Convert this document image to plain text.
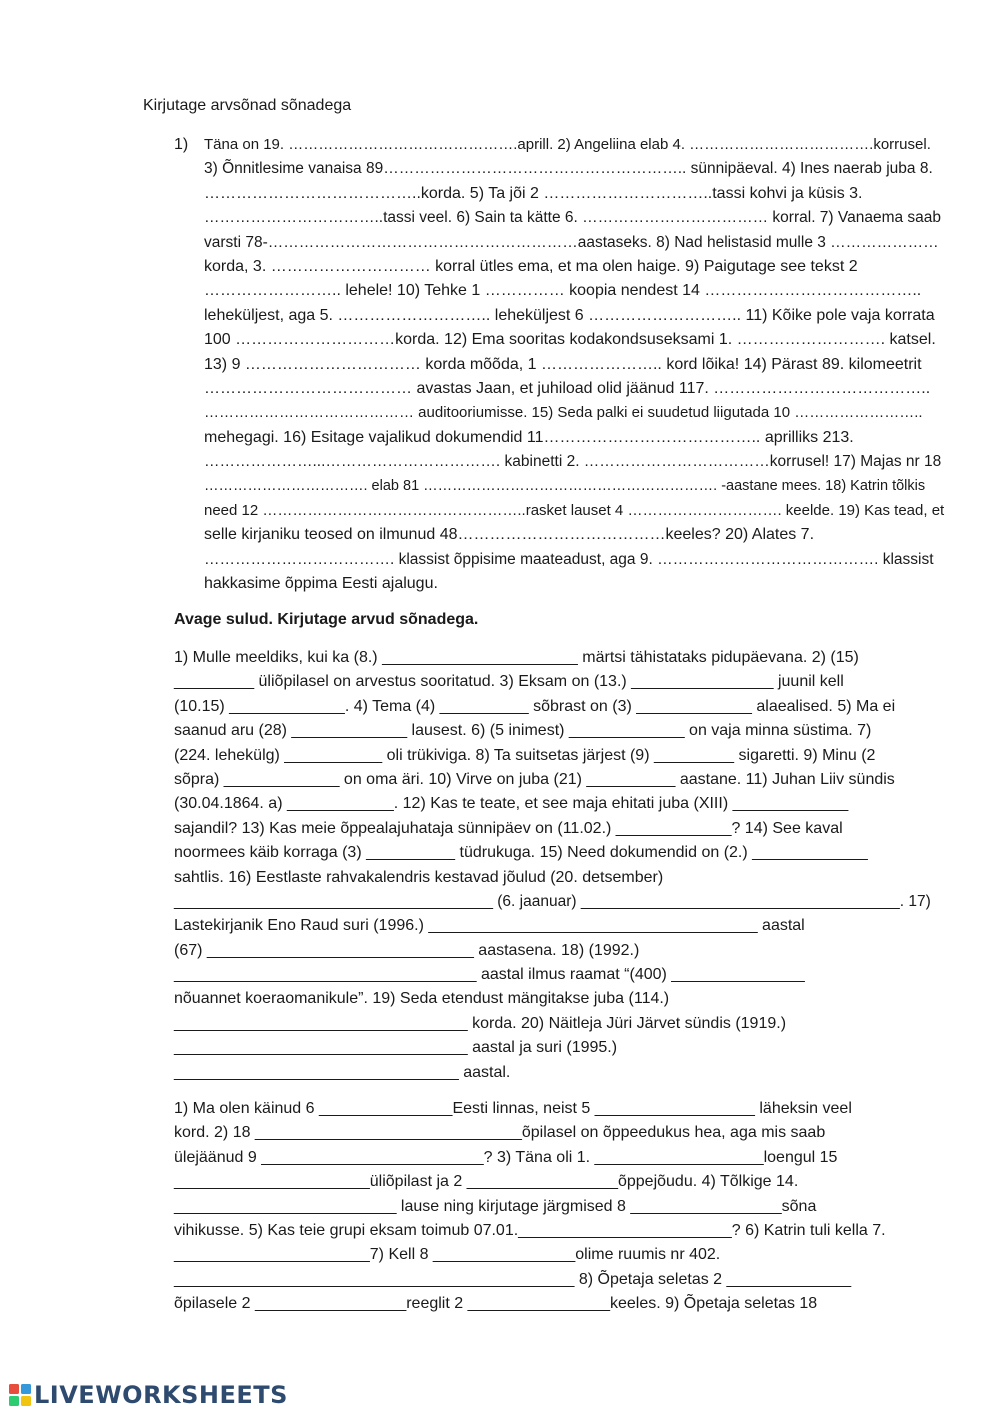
Kirjutage arvsõnad sõnadega
1) Täna on 19. ……………………………………….aprill. 2) Angeliina elab 4. ……………………………….korrusel.
3) Õnnitlesime vanaisa 89………………………………………………….. sünnipäeval. 4) Ines naerab juba 8.
…………………………………..korda. 5) Ta jõi 2 …………………………..tassi kohvi ja küsis 3.
……………………………..tassi veel. 6) Sain ta kätte 6. ……………………………… korral. 7) Vanaema saab
varsti 78-……………………………………………………aastaseks. 8) Nad helistasid mulle 3 …………………
korda, 3. ………………………… korral ütles ema, et ma olen haige. 9) Paigutage see tekst 2
…………………….. lehele! 10) Tehke 1 …………… koopia nendest 14 …………………………………..
leheküljest, aga 5. ……………………….. leheküljest 6 ……………………….. 11) Kõike pole vaja korrata
100 …………………………korda. 12) Ema sooritas kodakondsuseksami 1. ………………………. katsel.
13) 9 …………………………… korda mõõda, 1 ………………….. kord lõika! 14) Pärast 89. kilomeetrit
………………………………… avastas Jaan, et juhiload olid jäänud 117. …………………………………..
…………………………………… auditooriumisse. 15) Seda palki ei suudetud liigutada 10 ……………………..
mehegagi. 16) Esitage vajalikud dokumendid 11………………………………….. aprilliks 213.
…………………...……………………………. kabinetti 2. ………………………………korrusel! 17) Majas nr 18
……………………………. elab 81 ……………………………………………………. -aastane mees. 18) Katrin tõlkis
need 12 ……………………………………………..rasket lauset 4 …………………………. keelde. 19) Kas tead, et
selle kirjaniku teosed on ilmunud 48…………………………………keeles? 20) Alates 7.
………………………………. klassist õppisime maateadust, aga 9. ……………………………………. klassist
hakkasime õppima Eesti ajalugu.
Avage sulud. Kirjutage arvud sõnadega.
1) Mulle meeldiks, kui ka (8.) ______________________ märtsi tähistataks pidupäevana. 2) (15)
_________ üliõpilasel on arvestus sooritatud. 3) Eksam on (13.) ________________ juunil kell
(10.15) _____________. 4) Tema (4) __________ sõbrast on (3) _____________ alaealised. 5) Ma ei
saanud aru (28) _____________ lausest. 6) (5 inimest) _____________ on vaja minna süstima. 7)
(224. lehekülg) ___________ oli trükiviga. 8) Ta suitsetas järjest (9) _________ sigaretti. 9) Minu (2
sõpra) _____________ on oma äri. 10) Virve on juba (21) __________ aastane. 11) Juhan Liiv sündis
(30.04.1864. a) ____________. 12) Kas te teate, et see maja ehitati juba (XIII) _____________
sajandil? 13) Kas meie õppealajuhataja sünnipäev on (11.02.) _____________? 14) See kaval
noormees käib korraga (3) __________ tüdrukuga. 15) Need dokumendid on (2.) _____________
sahtlis. 16) Eestlaste rahvakalendris kestavad jõulud (20. detsember)
_____________________________________ (6. jaanuar) _____________________________________. 17)
Lastekirjanik Eno Raud suri (1996.) _____________________________________ aastal
(67) ______________________________ aastasena. 18) (1992.)
__________________________________ aastal ilmus raamat “(400) _______________
nõuannet koeraomanikule”. 19) Seda etendust mängitakse juba (114.)
_________________________________ korda. 20) Näitleja Jüri Järvet sündis (1919.)
_________________________________ aastal ja suri (1995.)
________________________________ aastal.
1) Ma olen käinud 6 _______________Eesti linnas, neist 5 __________________ läheksin veel
kord. 2) 18 ______________________________õpilasel on õppeedukus hea, aga mis saab
ülejäänud 9 _________________________? 3) Täna oli 1. ___________________loengul 15
______________________üliõpilast ja 2 _________________õppejõudu. 4) Tõlkige 14.
_________________________ lause ning kirjutage järgmised 8 _________________sõna
vihikusse. 5) Kas teie grupi eksam toimub 07.01.________________________? 6) Katrin tuli kella 7.
______________________7) Kell 8 ________________olime ruumis nr 402.
_____________________________________________ 8) Õpetaja seletas 2 ______________
õpilasele 2 _________________reeglit 2 ________________keeles. 9) Õpetaja seletas 18
LIVEWORKSHEETS
